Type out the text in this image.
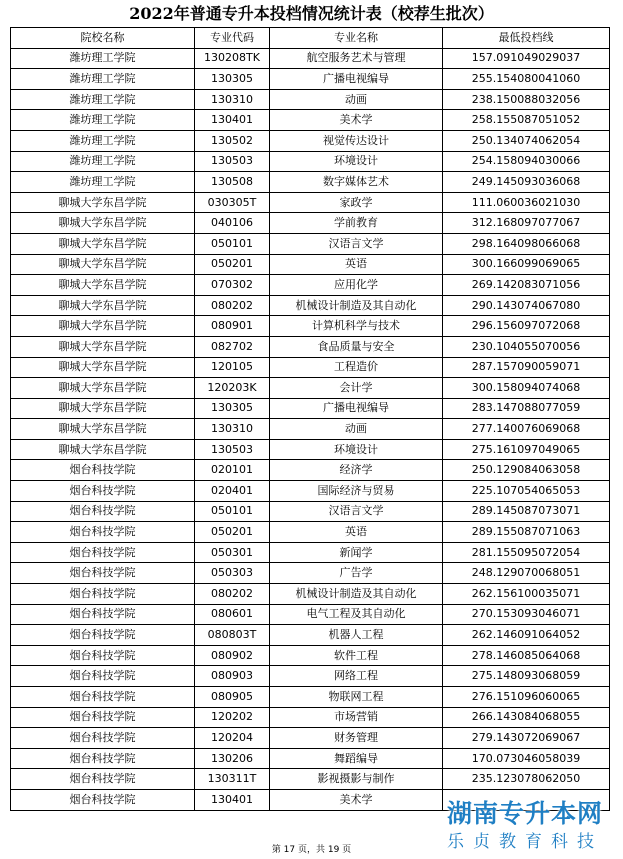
2022年普通专升本投档情况统计表（校荐生批次）
院校名称	专业代码	专业名称	最低投档线
潍坊理工学院	130208TK	航空服务艺术与管理	157.091049029037
潍坊理工学院	130305	广播电视编导	255.154080041060
潍坊理工学院	130310	动画	238.150088032056
潍坊理工学院	130401	美术学	258.155087051052
潍坊理工学院	130502	视觉传达设计	250.134074062054
潍坊理工学院	130503	环境设计	254.158094030066
潍坊理工学院	130508	数字媒体艺术	249.145093036068
聊城大学东昌学院	030305T	家政学	111.060036021030
聊城大学东昌学院	040106	学前教育	312.168097077067
聊城大学东昌学院	050101	汉语言文学	298.164098066068
聊城大学东昌学院	050201	英语	300.166099069065
聊城大学东昌学院	070302	应用化学	269.142083071056
聊城大学东昌学院	080202	机械设计制造及其自动化	290.143074067080
聊城大学东昌学院	080901	计算机科学与技术	296.156097072068
聊城大学东昌学院	082702	食品质量与安全	230.104055070056
聊城大学东昌学院	120105	工程造价	287.157090059071
聊城大学东昌学院	120203K	会计学	300.158094074068
聊城大学东昌学院	130305	广播电视编导	283.147088077059
聊城大学东昌学院	130310	动画	277.140076069068
聊城大学东昌学院	130503	环境设计	275.161097049065
烟台科技学院	020101	经济学	250.129084063058
烟台科技学院	020401	国际经济与贸易	225.107054065053
烟台科技学院	050101	汉语言文学	289.145087073071
烟台科技学院	050201	英语	289.155087071063
烟台科技学院	050301	新闻学	281.155095072054
烟台科技学院	050303	广告学	248.129070068051
烟台科技学院	080202	机械设计制造及其自动化	262.156100035071
烟台科技学院	080601	电气工程及其自动化	270.153093046071
烟台科技学院	080803T	机器人工程	262.146091064052
烟台科技学院	080902	软件工程	278.146085064068
烟台科技学院	080903	网络工程	275.148093068059
烟台科技学院	080905	物联网工程	276.151096060065
烟台科技学院	120202	市场营销	266.143084068055
烟台科技学院	120204	财务管理	279.143072069067
烟台科技学院	130206	舞蹈编导	170.073046058039
烟台科技学院	130311T	影视摄影与制作	235.123078062050
烟台科技学院	130401	美术学	
第 17 页，共 19 页
湖南专升本网
乐贞教育科技
